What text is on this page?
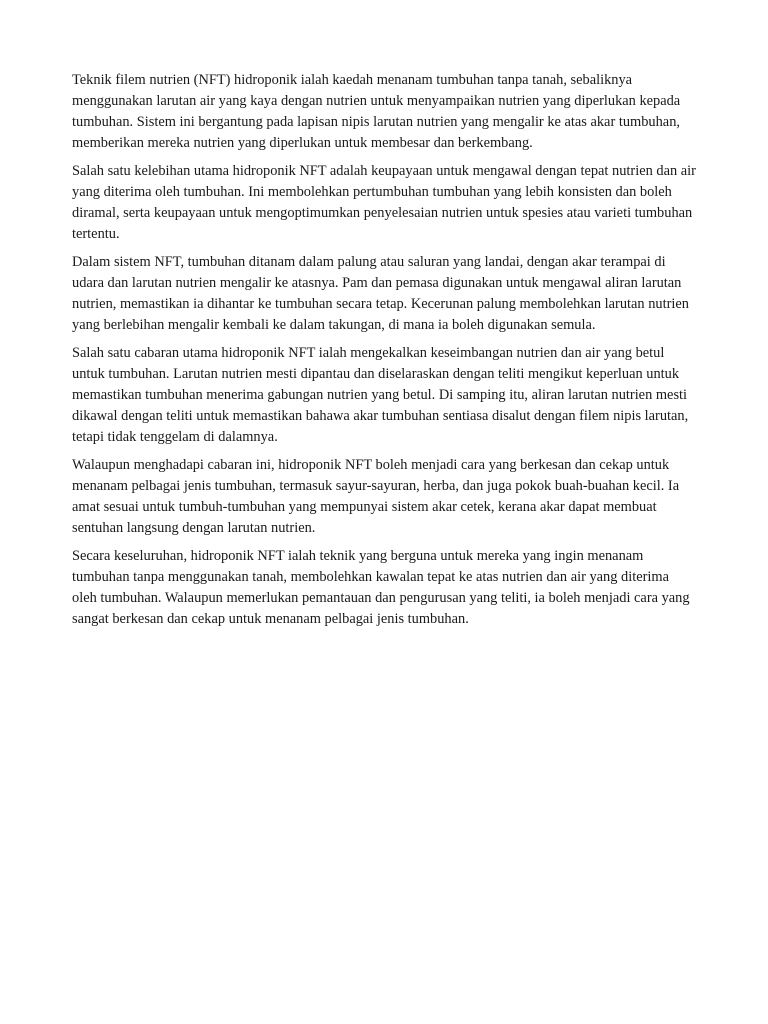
Teknik filem nutrien (NFT) hidroponik ialah kaedah menanam tumbuhan tanpa tanah, sebaliknya menggunakan larutan air yang kaya dengan nutrien untuk menyampaikan nutrien yang diperlukan kepada tumbuhan. Sistem ini bergantung pada lapisan nipis larutan nutrien yang mengalir ke atas akar tumbuhan, memberikan mereka nutrien yang diperlukan untuk membesar dan berkembang.

Salah satu kelebihan utama hidroponik NFT adalah keupayaan untuk mengawal dengan tepat nutrien dan air yang diterima oleh tumbuhan. Ini membolehkan pertumbuhan tumbuhan yang lebih konsisten dan boleh diramal, serta keupayaan untuk mengoptimumkan penyelesaian nutrien untuk spesies atau varieti tumbuhan tertentu.

Dalam sistem NFT, tumbuhan ditanam dalam palung atau saluran yang landai, dengan akar terampai di udara dan larutan nutrien mengalir ke atasnya. Pam dan pemasa digunakan untuk mengawal aliran larutan nutrien, memastikan ia dihantar ke tumbuhan secara tetap. Kecerunan palung membolehkan larutan nutrien yang berlebihan mengalir kembali ke dalam takungan, di mana ia boleh digunakan semula.

Salah satu cabaran utama hidroponik NFT ialah mengekalkan keseimbangan nutrien dan air yang betul untuk tumbuhan. Larutan nutrien mesti dipantau dan diselaraskan dengan teliti mengikut keperluan untuk memastikan tumbuhan menerima gabungan nutrien yang betul. Di samping itu, aliran larutan nutrien mesti dikawal dengan teliti untuk memastikan bahawa akar tumbuhan sentiasa disalut dengan filem nipis larutan, tetapi tidak tenggelam di dalamnya.

Walaupun menghadapi cabaran ini, hidroponik NFT boleh menjadi cara yang berkesan dan cekap untuk menanam pelbagai jenis tumbuhan, termasuk sayur-sayuran, herba, dan juga pokok buah-buahan kecil. Ia amat sesuai untuk tumbuh-tumbuhan yang mempunyai sistem akar cetek, kerana akar dapat membuat sentuhan langsung dengan larutan nutrien.

Secara keseluruhan, hidroponik NFT ialah teknik yang berguna untuk mereka yang ingin menanam tumbuhan tanpa menggunakan tanah, membolehkan kawalan tepat ke atas nutrien dan air yang diterima oleh tumbuhan. Walaupun memerlukan pemantauan dan pengurusan yang teliti, ia boleh menjadi cara yang sangat berkesan dan cekap untuk menanam pelbagai jenis tumbuhan.
